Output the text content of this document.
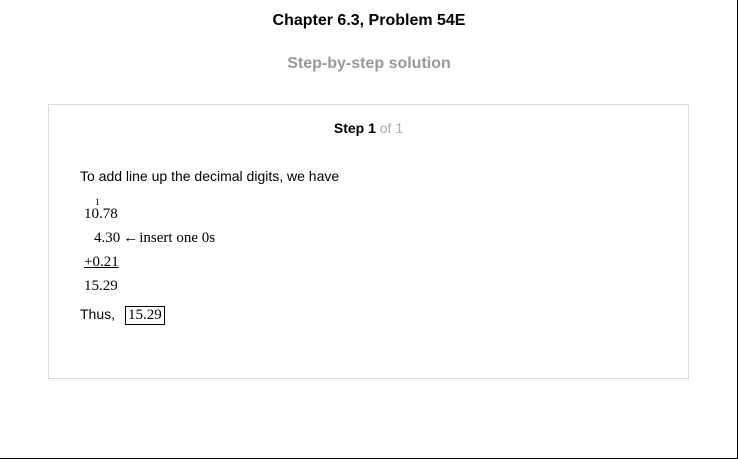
Chapter 6.3, Problem 54E
Step-by-step solution
Step 1 of 1
To add line up the decimal digits, we have
1
10.78
4.30 ←insert one 0s
+0.21
15.29
Thus, 15.29
